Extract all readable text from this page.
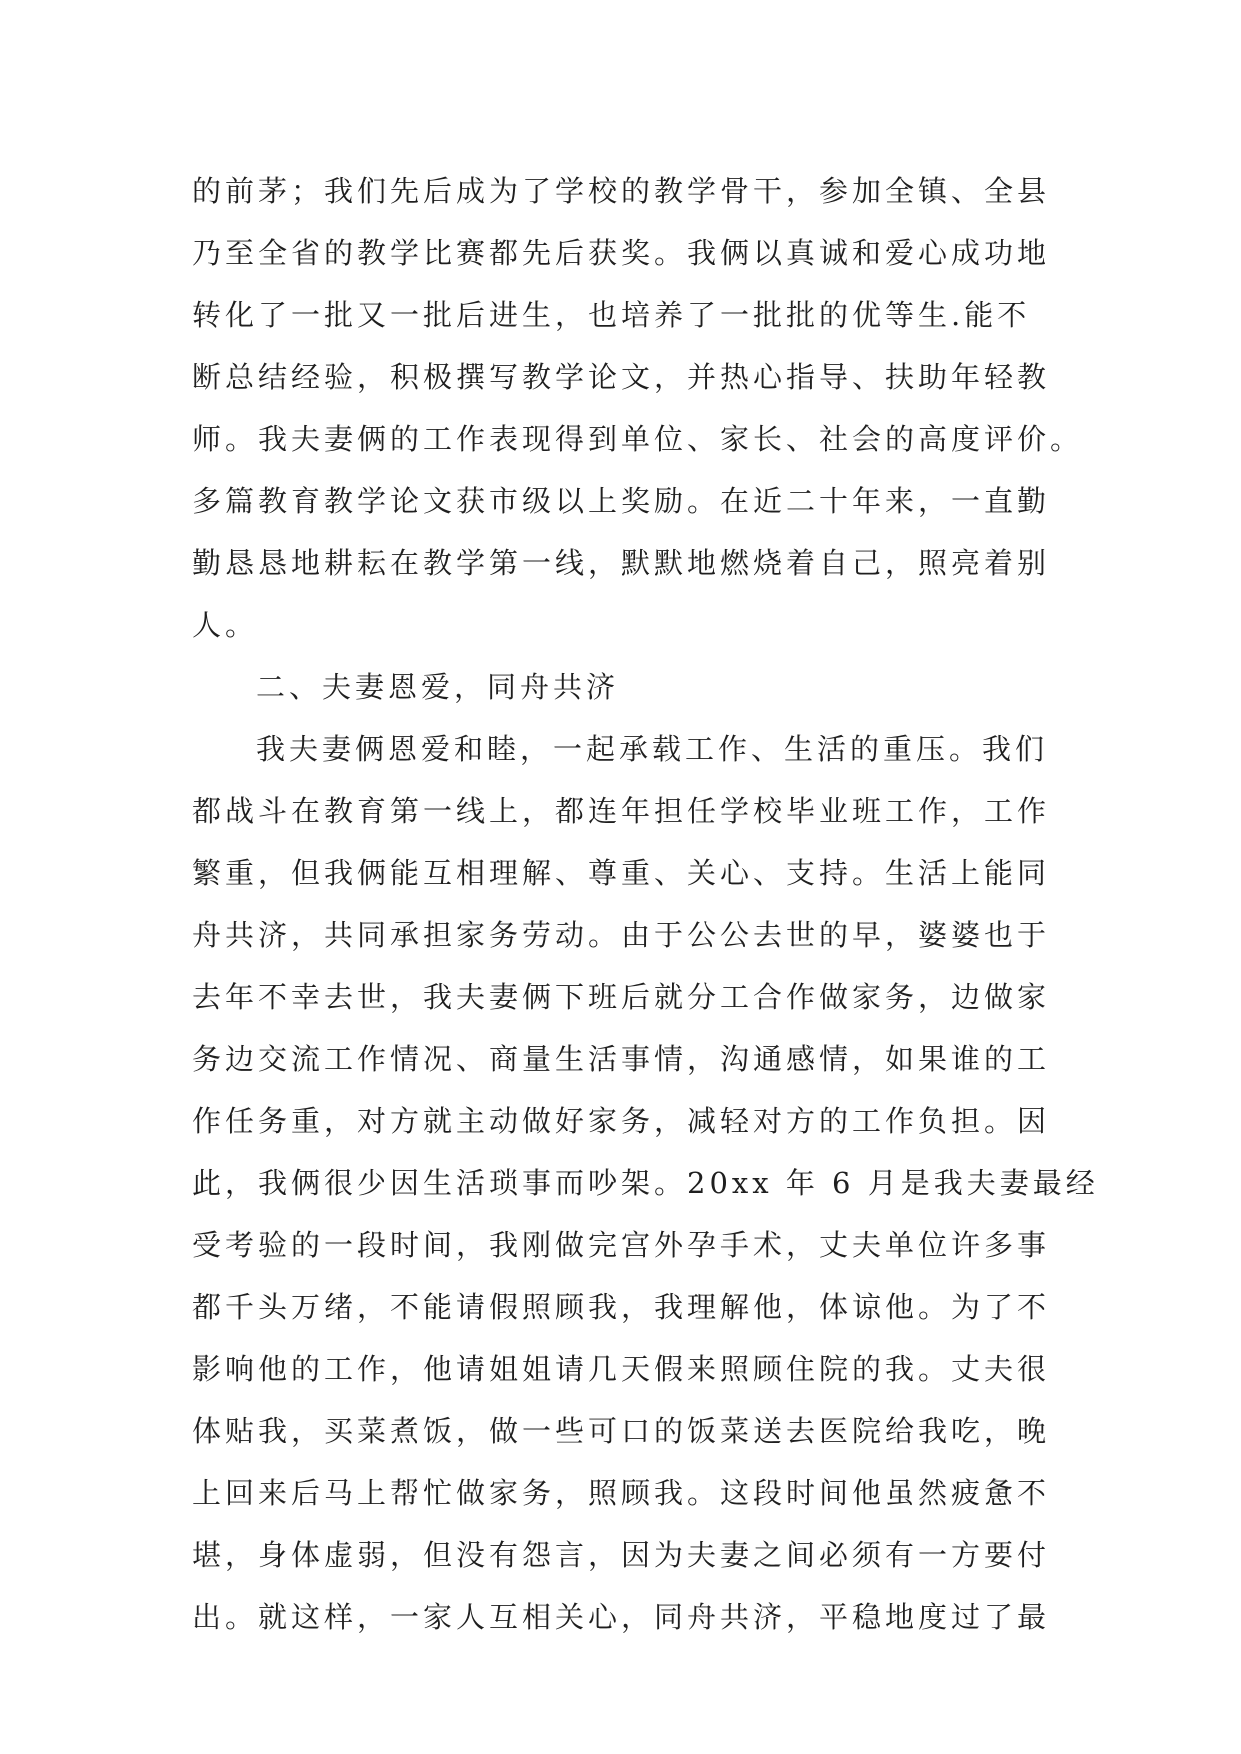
的前茅；我们先后成为了学校的教学骨干，参加全镇、全县
乃至全省的教学比赛都先后获奖。我俩以真诚和爱心成功地
转化了一批又一批后进生，也培养了一批批的优等生.能不
断总结经验，积极撰写教学论文，并热心指导、扶助年轻教
师。我夫妻俩的工作表现得到单位、家长、社会的高度评价。
多篇教育教学论文获市级以上奖励。在近二十年来，一直勤
勤恳恳地耕耘在教学第一线，默默地燃烧着自己，照亮着别
人。
二、夫妻恩爱，同舟共济
我夫妻俩恩爱和睦，一起承载工作、生活的重压。我们
都战斗在教育第一线上，都连年担任学校毕业班工作，工作
繁重，但我俩能互相理解、尊重、关心、支持。生活上能同
舟共济，共同承担家务劳动。由于公公去世的早，婆婆也于
去年不幸去世，我夫妻俩下班后就分工合作做家务，边做家
务边交流工作情况、商量生活事情，沟通感情，如果谁的工
作任务重，对方就主动做好家务，减轻对方的工作负担。因
此，我俩很少因生活琐事而吵架。20xx 年 6 月是我夫妻最经
受考验的一段时间，我刚做完宫外孕手术，丈夫单位许多事
都千头万绪，不能请假照顾我，我理解他，体谅他。为了不
影响他的工作，他请姐姐请几天假来照顾住院的我。丈夫很
体贴我，买菜煮饭，做一些可口的饭菜送去医院给我吃，晚
上回来后马上帮忙做家务，照顾我。这段时间他虽然疲惫不
堪，身体虚弱，但没有怨言，因为夫妻之间必须有一方要付
出。就这样，一家人互相关心，同舟共济，平稳地度过了最
